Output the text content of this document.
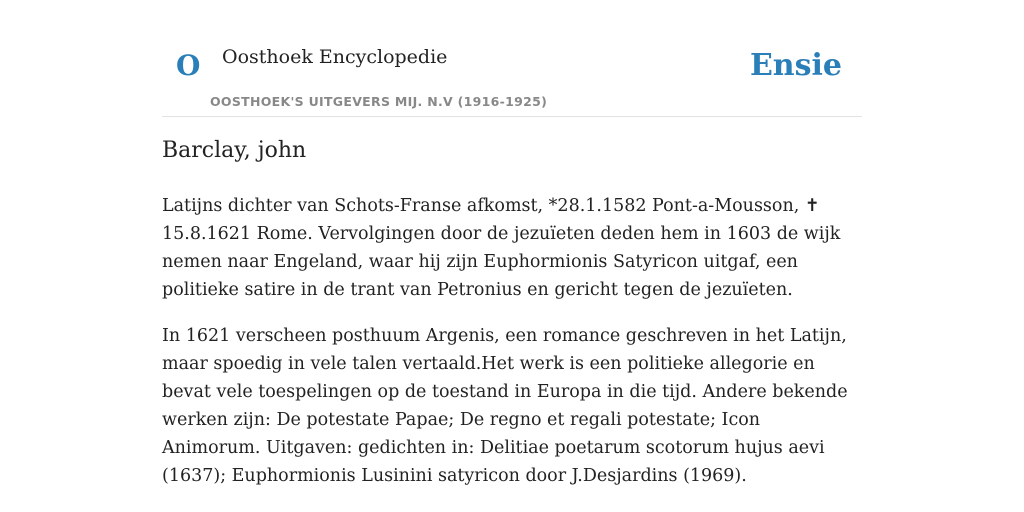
O Oosthoek Encyclopedie
OOSTHOEK'S UITGEVERS MIJ. N.V (1916-1925)
Ensie
Barclay, john

Latijns dichter van Schots-Franse afkomst, *28.1.1582 Pont-a-Mousson, ✝ 15.8.1621 Rome. Vervolgingen door de jezuïeten deden hem in 1603 de wijk nemen naar Engeland, waar hij zijn Euphormionis Satyricon uitgaf, een politieke satire in de trant van Petronius en gericht tegen de jezuïeten.

In 1621 verscheen posthuum Argenis, een romance geschreven in het Latijn, maar spoedig in vele talen vertaald.Het werk is een politieke allegorie en bevat vele toespelingen op de toestand in Europa in die tijd. Andere bekende werken zijn: De potestate Papae; De regno et regali potestate; Icon Animorum. Uitgaven: gedichten in: Delitiae poetarum scotorum hujus aevi (1637); Euphormionis Lusinini satyricon door J.Desjardins (1969).
